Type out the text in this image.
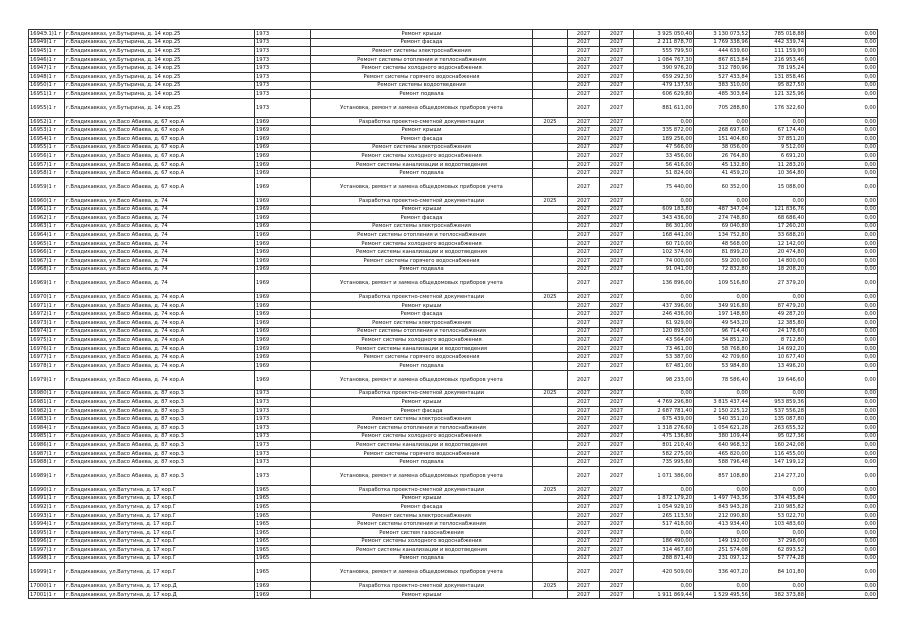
1694Э.1)1 г	г.Владикавказ, ул.Бутырина, д. 14 кор.25	1973	Ремонт крыши		2027	2027	3 925 050,40	3 130 073,52	785 018,88	0,00
16949)1 г	г.Владикавказ, ул.Бутырина, д. 14 кор.25	1973	Ремонт фасада		2027	2027	2 211 878,70	1 769 338,96	442 339,74	0,00
16945)1 г	г.Владикавказ, ул.Бутырина, д. 14 кор.25	1973	Ремонт системы электроснабжения		2027	2027	555 799,50	444 639,60	111 159,90	0,00
16946)1 г	г.Владикавказ, ул.Бутырина, д. 14 кор.25	1973	Ремонт системы отопления и теплоснабжения		2027	2027	1 084 767,30	867 813,84	216 953,46	0,00
16947)1 г	г.Владикавказ, ул.Бутырина, д. 14 кор.25	1973	Ремонт системы холодного водоснабжения		2027	2027	390 976,20	312 780,96	78 195,24	0,00
16948)1 г	г.Владикавказ, ул.Бутырина, д. 14 кор.25	1973	Ремонт системы горячего водоснабжения		2027	2027	659 292,30	527 433,84	131 858,46	0,00
16950)1 г	г.Владикавказ, ул.Бутырина, д. 14 кор.25	1973	Ремонт системы водоотведения		2027	2027	479 137,50	383 310,00	95 827,50	0,00
16951)1 г	г.Владикавказ, ул.Бутырина, д. 14 кор.25	1973	Ремонт подвала		2027	2027	606 629,80	485 303,84	121 325,96	0,00
16955)1 г	г.Владикавказ, ул.Бутырина, д. 14 кор.25	1973	Установка, ремонт и замена общедомовых приборов учета		2027	2027	881 611,00	705 288,80	176 322,60	0,00
16952)1 г	г.Владикавказ, ул.Васо Абаева, д. 67 кор.А	1969	Разработка проектно-сметной документации	2025	2027	2027	0,00	0,00	0,00	0,00
16953)1 г	г.Владикавказ, ул.Васо Абаева, д. 67 кор.А	1969	Ремонт крыши		2027	2027	335 872,00	268 697,60	67 174,40	0,00
16954)1 г	г.Владикавказ, ул.Васо Абаева, д. 67 кор.А	1969	Ремонт фасада		2027	2027	189 256,00	151 404,80	37 851,20	0,00
16955)1 г	г.Владикавказ, ул.Васо Абаева, д. 67 кор.А	1969	Ремонт системы электроснабжения		2027	2027	47 566,00	38 056,00	9 512,00	0,00
16956)1 г	г.Владикавказ, ул.Васо Абаева, д. 67 кор.А	1969	Ремонт системы холодного водоснабжения		2027	2027	33 456,00	26 764,80	6 691,20	0,00
16957)1 г	г.Владикавказ, ул.Васо Абаева, д. 67 кор.А	1969	Ремонт системы канализации и водоотведения		2027	2027	56 416,00	45 132,80	11 283,20	0,00
16958)1 г	г.Владикавказ, ул.Васо Абаева, д. 67 кор.А	1969	Ремонт подвала		2027	2027	51 824,00	41 459,20	10 364,80	0,00
16959)1 г	г.Владикавказ, ул.Васо Абаева, д. 67 кор.А	1969	Установка, ремонт и замена общедомовых приборов учета		2027	2027	75 440,00	60 352,00	15 088,00	0,00
16960)1 г	г.Владикавказ, ул.Васо Абаева, д. 74	1969	Разработка проектно-сметной документации	2025	2027	2027	0,00	0,00	0,00	0,00
16961)1 г	г.Владикавказ, ул.Васо Абаева, д. 74	1969	Ремонт крыши		2027	2027	609 183,80	487 347,04	121 836,76	0,00
16962)1 г	г.Владикавказ, ул.Васо Абаева, д. 74	1969	Ремонт фасада		2027	2027	343 436,00	274 748,80	68 686,40	0,00
16963)1 г	г.Владикавказ, ул.Васо Абаева, д. 74	1969	Ремонт системы электроснабжения		2027	2027	86 301,00	69 040,80	17 260,20	0,00
16964)1 г	г.Владикавказ, ул.Васо Абаева, д. 74	1969	Ремонт системы отопления и теплоснабжения		2027	2027	168 441,00	134 752,80	33 688,20	0,00
16965)1 г	г.Владикавказ, ул.Васо Абаева, д. 74	1969	Ремонт системы холодного водоснабжения		2027	2027	60 710,00	48 568,00	12 142,00	0,00
16966)1 г	г.Владикавказ, ул.Васо Абаева, д. 74	1969	Ремонт системы канализации и водоотведения		2027	2027	102 374,00	81 899,20	20 474,80	0,00
16967)1 г	г.Владикавказ, ул.Васо Абаева, д. 74	1969	Ремонт системы горячего водоснабжения		2027	2027	74 000,00	59 200,00	14 800,00	0,00
16968)1 г	г.Владикавказ, ул.Васо Абаева, д. 74	1969	Ремонт подвала		2027	2027	91 041,00	72 832,80	18 208,20	0,00
16969)1 г	г.Владикавказ, ул.Васо Абаева, д. 74	1969	Установка, ремонт и замена общедомовых приборов учета		2027	2027	136 896,00	109 516,80	27 379,20	0,00
16970)1 г	г.Владикавказ, ул.Васо Абаева, д. 74 кор.А	1969	Разработка проектно-сметной документации	2025	2027	2027	0,00	0,00	0,00	0,00
16971)1 г	г.Владикавказ, ул.Васо Абаева, д. 74 кор.А	1969	Ремонт крыши		2027	2027	437 396,00	349 916,80	87 479,20	0,00
16972)1 г	г.Владикавказ, ул.Васо Абаева, д. 74 кор.А	1969	Ремонт фасада		2027	2027	246 436,00	197 148,80	49 287,20	0,00
16973)1 г	г.Владикавказ, ул.Васо Абаева, д. 74 кор.А	1969	Ремонт системы электроснабжения		2027	2027	61 929,00	49 543,20	12 385,80	0,00
16974)1 г	г.Владикавказ, ул.Васо Абаева, д. 74 кор.А	1969	Ремонт системы отопления и теплоснабжения		2027	2027	120 893,00	96 714,40	24 178,60	0,00
16975)1 г	г.Владикавказ, ул.Васо Абаева, д. 74 кор.А	1969	Ремонт системы холодного водоснабжения		2027	2027	43 564,00	34 851,20	8 712,80	0,00
16976)1 г	г.Владикавказ, ул.Васо Абаева, д. 74 кор.А	1969	Ремонт системы канализации и водоотведения		2027	2027	73 461,00	58 768,80	14 692,20	0,00
16977)1 г	г.Владикавказ, ул.Васо Абаева, д. 74 кор.А	1969	Ремонт системы горячего водоснабжения		2027	2027	53 387,00	42 709,60	10 677,40	0,00
16978)1 г	г.Владикавказ, ул.Васо Абаева, д. 74 кор.А	1969	Ремонт подвала		2027	2027	67 481,00	53 984,80	13 496,20	0,00
16979)1 г	г.Владикавказ, ул.Васо Абаева, д. 74 кор.А	1969	Установка, ремонт и замена общедомовых приборов учета		2027	2027	98 233,00	78 586,40	19 646,60	0,00
16980)1 г	г.Владикавказ, ул.Васо Абаева, д. 87 кор.3	1973	Разработка проектно-сметной документации	2025	2027	2027	0,00	0,00	0,00	0,00
16981)1 г	г.Владикавказ, ул.Васо Абаева, д. 87 кор.3	1973	Ремонт крыши		2027	2027	4 769 296,80	3 815 437,44	953 859,36	0,00
16982)1 г	г.Владикавказ, ул.Васо Абаева, д. 87 кор.3	1973	Ремонт фасада		2027	2027	2 687 781,40	2 150 225,12	537 556,28	0,00
16983)1 г	г.Владикавказ, ул.Васо Абаева, д. 87 кор.3	1973	Ремонт системы электроснабжения		2027	2027	675 439,00	540 351,20	135 087,80	0,00
16984)1 г	г.Владикавказ, ул.Васо Абаева, д. 87 кор.3	1973	Ремонт системы отопления и теплоснабжения		2027	2027	1 318 276,60	1 054 621,28	263 655,32	0,00
16985)1 г	г.Владикавказ, ул.Васо Абаева, д. 87 кор.3	1973	Ремонт системы холодного водоснабжения		2027	2027	475 136,80	380 109,44	95 027,36	0,00
16986)1 г	г.Владикавказ, ул.Васо Абаева, д. 87 кор.3	1973	Ремонт системы канализации и водоотведения		2027	2027	801 210,40	640 968,32	160 242,08	0,00
16987)1 г	г.Владикавказ, ул.Васо Абаева, д. 87 кор.3	1973	Ремонт системы горячего водоснабжения		2027	2027	582 275,00	465 820,00	116 455,00	0,00
16988)1 г	г.Владикавказ, ул.Васо Абаева, д. 87 кор.3	1973	Ремонт подвала		2027	2027	735 995,60	588 796,48	147 199,12	0,00
16989)1 г	г.Владикавказ, ул.Васо Абаева, д. 87 кор.3	1973	Установка, ремонт и замена общедомовых приборов учета		2027	2027	1 071 386,00	857 108,80	214 277,20	0,00
16990)1 г	г.Владикавказ, ул.Ватутина, д. 17 кор.Г	1965	Разработка проектно-сметной документации	2025	2027	2027	0,00	0,00	0,00	0,00
16991)1 г	г.Владикавказ, ул.Ватутина, д. 17 кор.Г	1965	Ремонт крыши		2027	2027	1 872 179,20	1 497 743,36	374 435,84	0,00
16992)1 г	г.Владикавказ, ул.Ватутина, д. 17 кор.Г	1965	Ремонт фасада		2027	2027	1 054 929,10	843 943,28	210 985,82	0,00
16993)1 г	г.Владикавказ, ул.Ватутина, д. 17 кор.Г	1965	Ремонт системы электроснабжения		2027	2027	265 113,50	212 090,80	53 022,70	0,00
16994)1 г	г.Владикавказ, ул.Ватутина, д. 17 кор.Г	1965	Ремонт системы отопления и теплоснабжения		2027	2027	517 418,00	413 934,40	103 483,60	0,00
16995)1 г	г.Владикавказ, ул.Ватутина, д. 17 кор.Г	1965	Ремонт систем газоснабжения		2027	2027	0,00	0,00	0,00	0,00
16996)1 г	г.Владикавказ, ул.Ватутина, д. 17 кор.Г	1965	Ремонт системы холодного водоснабжения		2027	2027	186 490,00	149 192,00	37 298,00	0,00
16997)1 г	г.Владикавказ, ул.Ватутина, д. 17 кор.Г	1965	Ремонт системы канализации и водоотведения		2027	2027	314 467,60	251 574,08	62 893,52	0,00
16998)1 г	г.Владикавказ, ул.Ватутина, д. 17 кор.Г	1965	Ремонт подвала		2027	2027	288 871,40	231 097,12	57 774,28	0,00
16999)1 г	г.Владикавказ, ул.Ватутина, д. 17 кор.Г	1965	Установка, ремонт и замена общедомовых приборов учета		2027	2027	420 509,00	336 407,20	84 101,80	0,00
17000)1 г	г.Владикавказ, ул.Ватутина, д. 17 кор.Д	1969	Разработка проектно-сметной документации	2025	2027	2027	0,00	0,00	0,00	0,00
17001)1 г	г.Владикавказ, ул.Ватутина, д. 17 кор.Д	1969	Ремонт крыши		2027	2027	1 911 869,44	1 529 495,56	382 373,88	0,00
